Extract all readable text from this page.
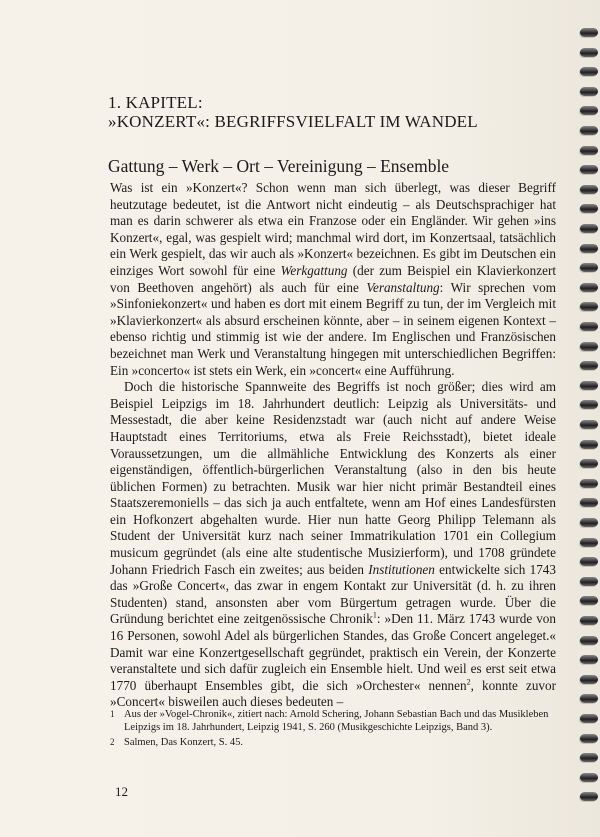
1. KAPITEL:
»KONZERT«: BEGRIFFSVIELFALT IM WANDEL
Gattung – Werk – Ort – Vereinigung – Ensemble

Was ist ein »Konzert«? Schon wenn man sich überlegt, was dieser Begriff heutzutage bedeutet, ist die Antwort nicht eindeutig – als Deutschsprachiger hat man es darin schwerer als etwa ein Franzose oder ein Engländer. Wir gehen »ins Konzert«, egal, was gespielt wird; manchmal wird dort, im Konzertsaal, tatsächlich ein Werk gespielt, das wir auch als »Konzert« bezeichnen. Es gibt im Deutschen ein einziges Wort sowohl für eine Werkgattung (der zum Beispiel ein Klavierkonzert von Beethoven angehört) als auch für eine Veranstaltung: Wir sprechen vom »Sinfoniekonzert« und haben es dort mit einem Begriff zu tun, der im Vergleich mit »Klavierkonzert« als absurd erscheinen könnte, aber – in seinem eigenen Kontext – ebenso richtig und stimmig ist wie der andere. Im Englischen und Französischen bezeichnet man Werk und Veranstaltung hingegen mit unterschiedlichen Begriffen: Ein »concerto« ist stets ein Werk, ein »concert« eine Aufführung.

Doch die historische Spannweite des Begriffs ist noch größer; dies wird am Beispiel Leipzigs im 18. Jahrhundert deutlich: Leipzig als Universitäts- und Messestadt, die aber keine Residenzstadt war (auch nicht auf andere Weise Hauptstadt eines Territoriums, etwa als Freie Reichsstadt), bietet ideale Voraussetzungen, um die allmähliche Entwicklung des Konzerts als einer eigenständigen, öffentlich-bürgerlichen Veranstaltung (also in den bis heute üblichen Formen) zu betrachten. Musik war hier nicht primär Bestandteil eines Staatszeremoniells – das sich ja auch entfaltete, wenn am Hof eines Landesfürsten ein Hofkonzert abgehalten wurde. Hier nun hatte Georg Philipp Telemann als Student der Universität kurz nach seiner Immatrikulation 1701 ein Collegium musicum gegründet (als eine alte studentische Musizierform), und 1708 gründete Johann Friedrich Fasch ein zweites; aus beiden Institutionen entwickelte sich 1743 das »Große Concert«, das zwar in engem Kontakt zur Universität (d. h. zu ihren Studenten) stand, ansonsten aber vom Bürgertum getragen wurde. Über die Gründung berichtet eine zeitgenössische Chronik$^1$: »Den 11. März 1743 wurde von 16 Personen, sowohl Adel als bürgerlichen Standes, das Große Concert angeleget.« Damit war eine Konzertgesellschaft gegründet, praktisch ein Verein, der Konzerte veranstaltete und sich dafür zugleich ein Ensemble hielt. Und weil es erst seit etwa 1770 überhaupt Ensembles gibt, die sich »Orchester« nennen$^2$, konnte zuvor »Concert« bisweilen auch dieses bedeuten –

1 Aus der »Vogel-Chronik«, zitiert nach: Arnold Schering, Johann Sebastian Bach und das Musikleben Leipzigs im 18. Jahrhundert, Leipzig 1941, S. 260 (Musikgeschichte Leipzigs, Band 3).
2 Salmen, Das Konzert, S. 45.
12
